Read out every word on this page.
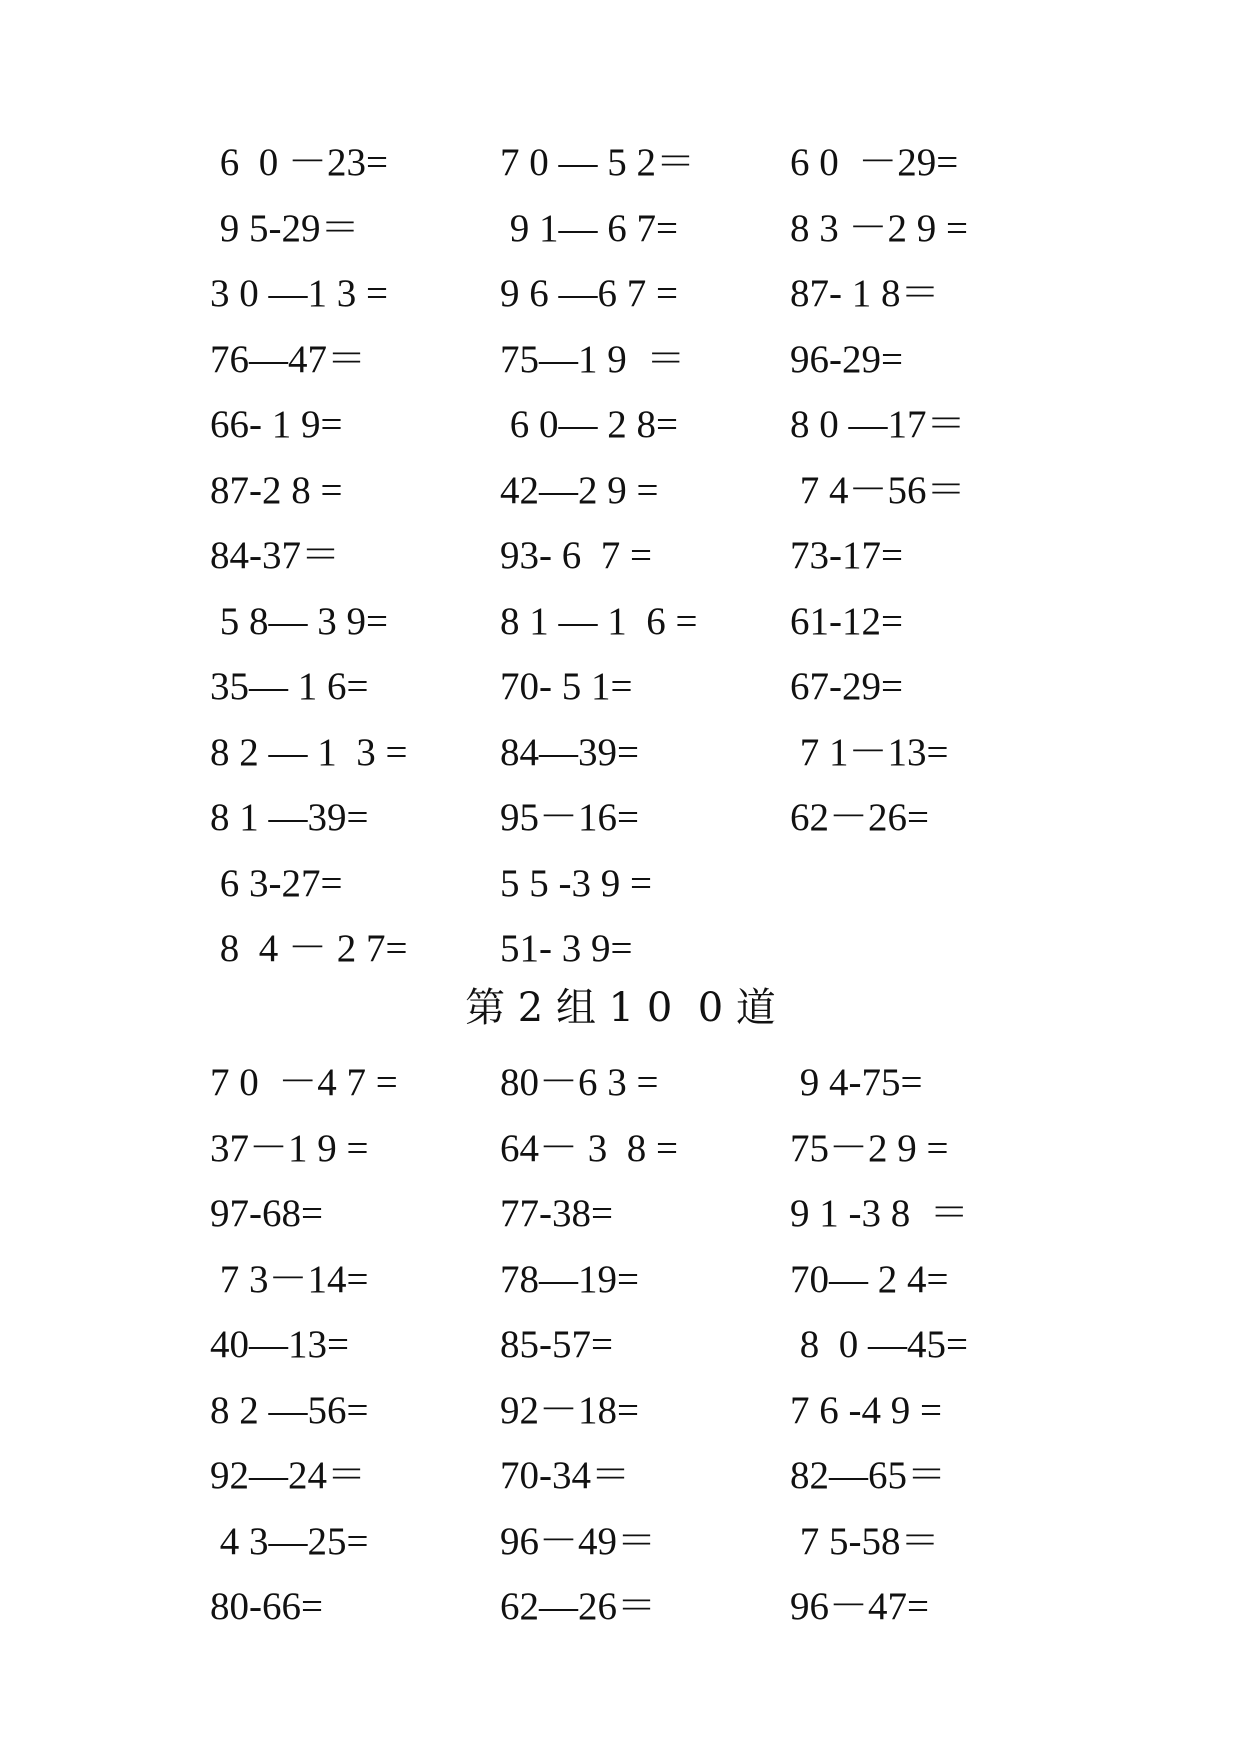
6  0 －23=	7 0 — 5 2＝	6 0  －29=
9 5-29＝	9 1— 6 7=	8 3 －2 9 =
3 0 —1 3 =	9 6 —6 7 =	87- 1 8＝
76—47＝	75—1 9  ＝	96-29=
66- 1 9=	6 0— 2 8=	8 0 —17＝
87-2 8 =	42—2 9 =	7 4－56＝
84-37＝	93- 6  7 =	73-17=
5 8— 3 9=	8 1 — 1  6 =	61-12=
35— 1 6=	70- 5 1=	67-29=
8 2 — 1  3 =	84—39=	7 1－13=
8 1 —39=	95－16=	62－26=
6 3-27=	5 5 -3 9 =
8  4 － 2 7=	51- 3 9=
第 2 组 1 0  0 道
7 0  －4 7 =	80－6 3 =	9 4-75=
37－1 9 =	64－ 3  8 =	75－2 9 =
97-68=	77-38=	9 1 -3 8  ＝
7 3－14=	78—19=	70— 2 4=
40—13=	85-57=	8  0 —45=
8 2 —56=	92－18=	7 6 -4 9 =
92—24＝	70-34＝	82—65＝
4 3—25=	96－49＝	7 5-58＝
80-66=	62—26＝	96－47=
